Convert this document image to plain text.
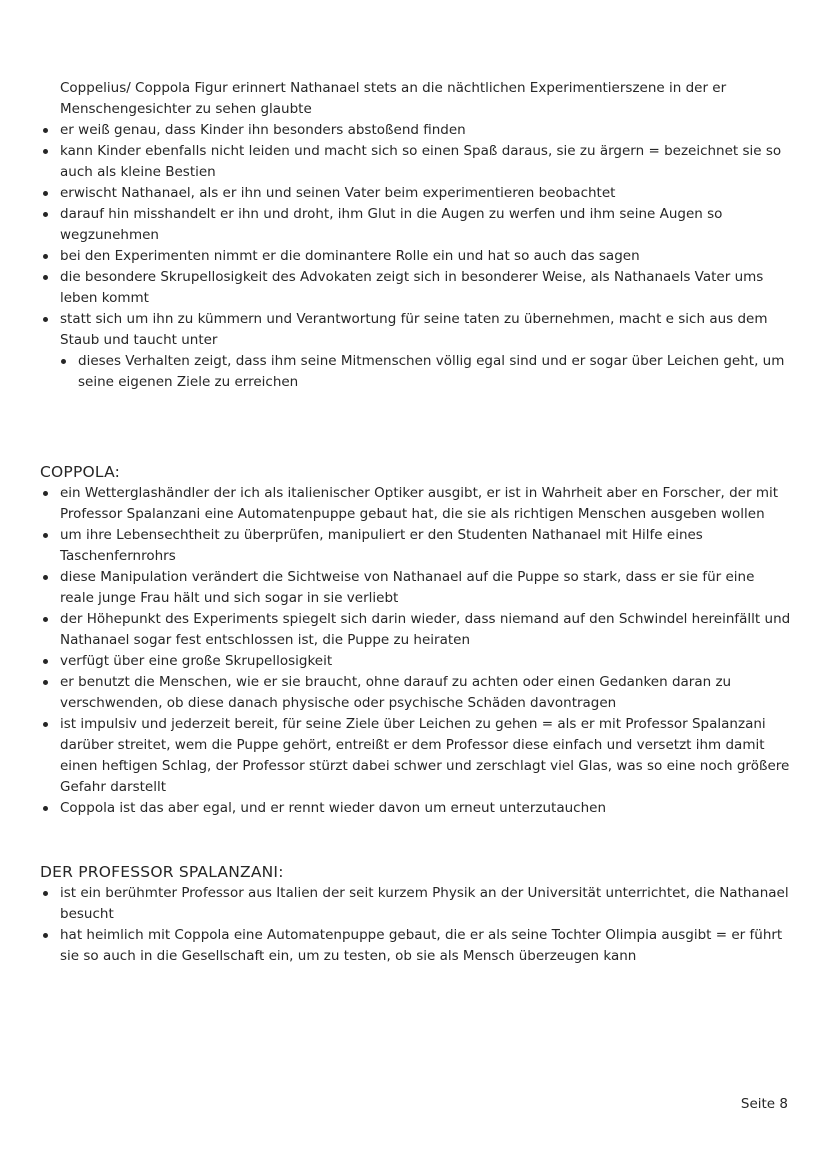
Coppelius/ Coppola Figur erinnert Nathanael stets an die nächtlichen Experimentierszene in der er Menschengesichter zu sehen glaubte

er weiß genau, dass Kinder ihn besonders abstoßend finden
kann Kinder ebenfalls nicht leiden und macht sich so einen Spaß daraus, sie zu ärgern = bezeichnet sie so auch als kleine Bestien
erwischt Nathanael, als er ihn und seinen Vater beim experimentieren beobachtet
darauf hin misshandelt er ihn und droht, ihm Glut in die Augen zu werfen und ihm seine Augen so wegzunehmen
bei den Experimenten nimmt er die dominantere Rolle ein und hat so auch das sagen
die besondere Skrupellosigkeit des Advokaten zeigt sich in besonderer Weise, als Nathanaels Vater ums leben kommt
statt sich um ihn zu kümmern und Verantwortung für seine taten zu übernehmen, macht e sich aus dem Staub und taucht unter
dieses Verhalten zeigt, dass ihm seine Mitmenschen völlig egal sind und er sogar über Leichen geht, um seine eigenen Ziele zu erreichen
COPPOLA:
ein Wetterglashändler der ich als italienischer Optiker ausgibt, er ist in Wahrheit aber en Forscher, der mit Professor Spalanzani eine Automatenpuppe gebaut hat, die sie als richtigen Menschen ausgeben wollen
um ihre Lebensechtheit zu überprüfen, manipuliert er den Studenten Nathanael mit Hilfe eines Taschenfernrohrs
diese Manipulation verändert die Sichtweise von Nathanael auf die Puppe so stark, dass er sie für eine reale junge Frau hält und sich sogar in sie verliebt
der Höhepunkt des Experiments spiegelt sich darin wieder, dass niemand auf den Schwindel hereinfällt und Nathanael sogar fest entschlossen ist, die Puppe zu heiraten
verfügt über eine große Skrupellosigkeit
er benutzt die Menschen, wie er sie braucht, ohne darauf zu achten oder einen Gedanken daran zu verschwenden, ob diese danach physische oder psychische Schäden davontragen
ist impulsiv und jederzeit bereit, für seine Ziele über Leichen zu gehen = als er mit Professor Spalanzani darüber streitet, wem die Puppe gehört, entreißt er dem Professor diese einfach und versetzt ihm damit einen heftigen Schlag, der Professor stürzt dabei schwer und zerschlagt viel Glas, was so eine noch größere Gefahr darstellt
Coppola ist das aber egal, und er rennt wieder davon um erneut unterzutauchen
DER PROFESSOR SPALANZANI:
ist ein berühmter Professor aus Italien der seit kurzem Physik an der Universität unterrichtet, die Nathanael besucht
hat heimlich mit Coppola eine Automatenpuppe gebaut, die er als seine Tochter Olimpia ausgibt = er führt sie so auch in die Gesellschaft ein, um zu testen, ob sie als Mensch überzeugen kann
Seite 8
